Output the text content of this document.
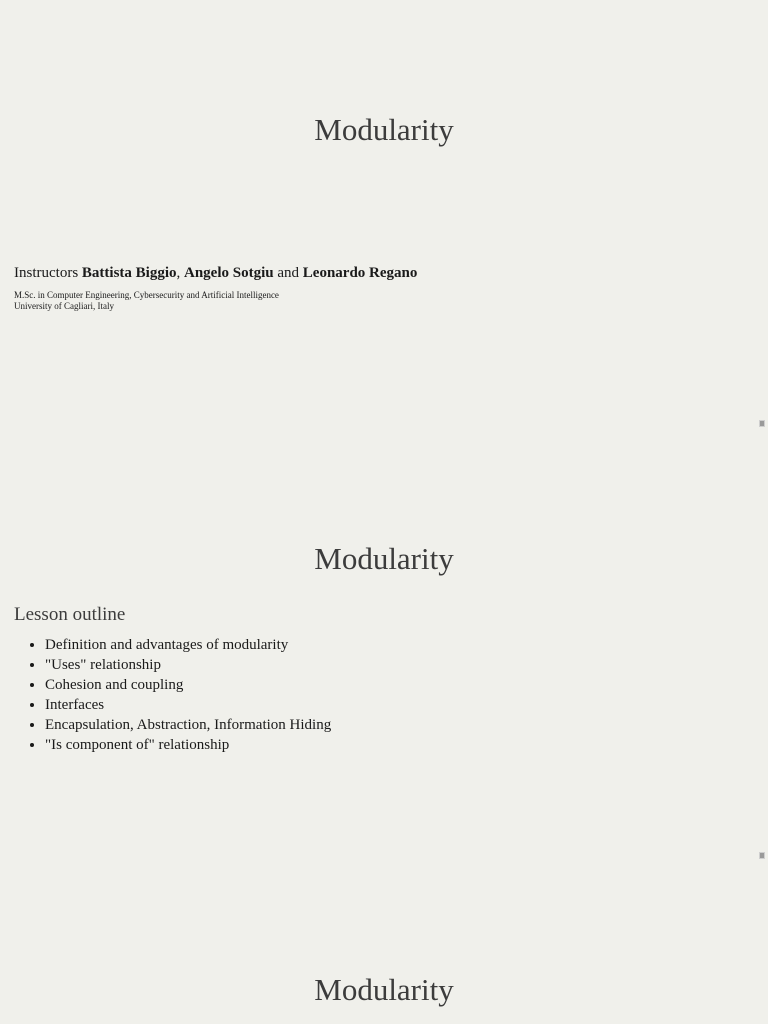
Modularity

Instructors Battista Biggio, Angelo Sotgiu and Leonardo Regano

M.Sc. in Computer Engineering, Cybersecurity and Artificial Intelligence
University of Cagliari, Italy

Modularity
Lesson outline
• Definition and advantages of modularity
• "Uses" relationship
• Cohesion and coupling
• Interfaces
• Encapsulation, Abstraction, Information Hiding
• "Is component of" relationship
Modularity
